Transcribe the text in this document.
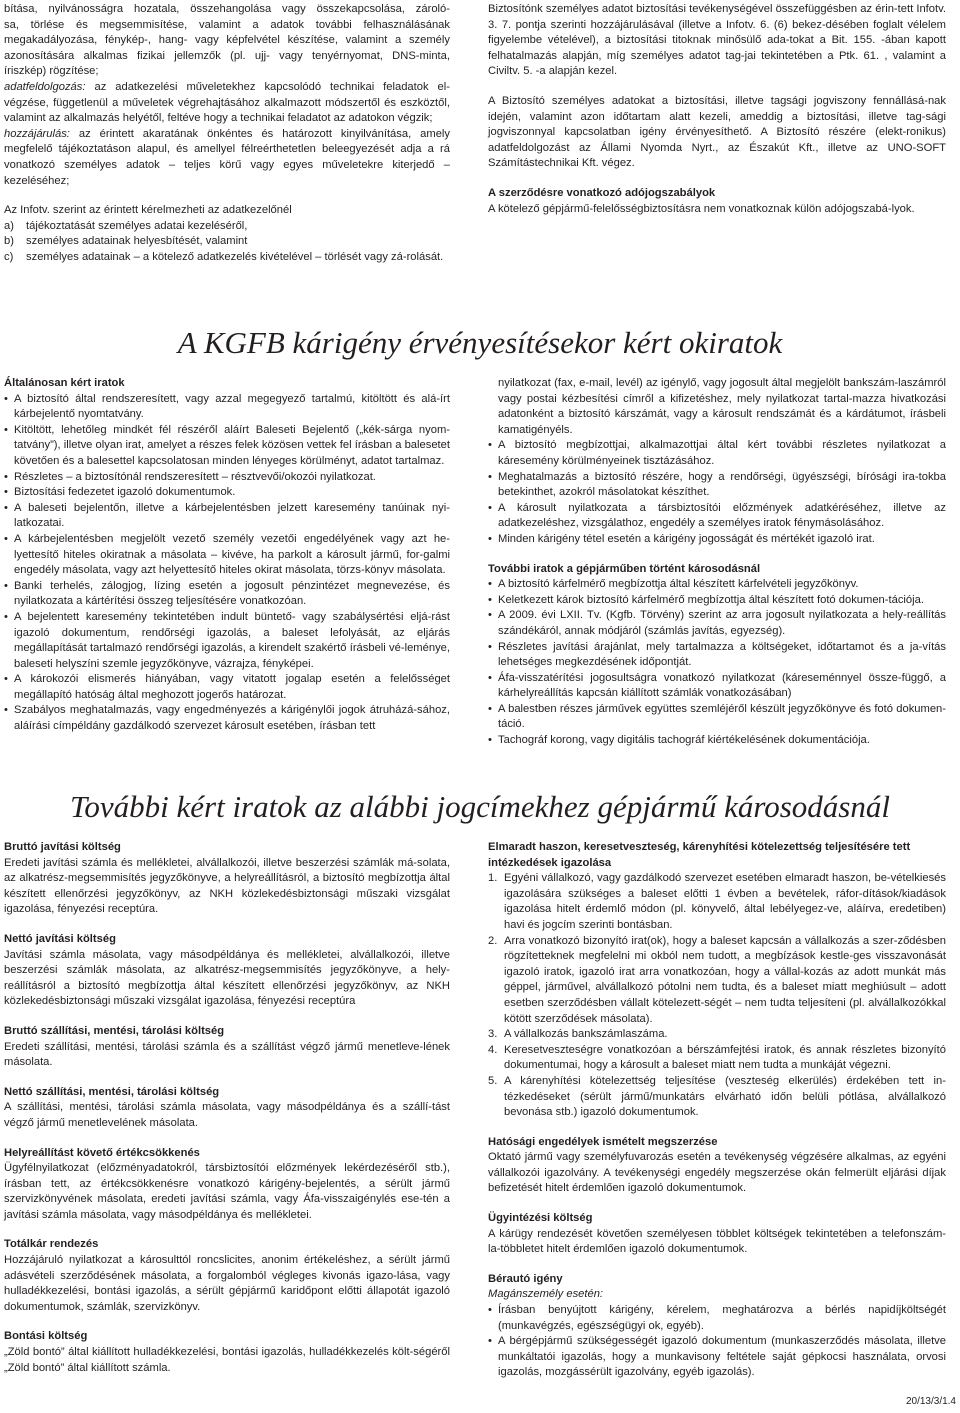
bítása, nyilvánosságra hozatala, összehangolása vagy összekapcsolása, zároló-
sa, törlése és megsemmisítése, valamint a adatok további felhasználásának
megakadályozása, fénykép-, hang- vagy képfelvétel készítése, valamint a személy
azonosítására alkalmas fizikai jellemzők (pl. ujj- vagy tenyérnyomat, DNS-minta,

íriszkép) rögzítése;

adatfeldolgozás: az adatkezelési műveletekhez kapcsolódó technikai feladatok el-végzése, függetlenül a műveletek végrehajtásához alkalmazott módszertől és eszköztől, valamint az alkalmazás helyétől, feltéve hogy a technikai feladatot az adatokon végzik;

hozzájárulás: az érintett akaratának önkéntes és határozott kinyilvánítása, amely megfelelő tájékoztatáson alapul, és amellyel félreérthetetlen beleegyezését adja a rá vonatkozó személyes adatok – teljes körű vagy egyes műveletekre kiterjedő – kezeléséhez;

Az Infotv. szerint az érintett kérelmezheti az adatkezelőnél

a)	tájékoztatását személyes adatai kezeléséről,
b)	személyes adatainak helyesbítését, valamint
c)	személyes adatainak – a kötelező adatkezelés kivételével – törlését vagy zá-rolását.

Biztosítónk személyes adatot biztosítási tevékenységével összefüggésben az érin-tett Infotv. 3. 7. pontja szerinti hozzájárulásával (illetve a Infotv. 6. (6) bekez-désében foglalt vélelem figyelembe vételével), a biztosítási titoknak minősülő ada-tokat a Bit. 155. -ában kapott felhatalmazás alapján, míg személyes adatot tag-jai tekintetében a Ptk. 61. , valamint a Civiltv. 5. -a alapján kezel.

A Biztosító személyes adatokat a biztosítási, illetve tagsági jogviszony fennállásá-nak idején, valamint azon időtartam alatt kezeli, ameddig a biztosítási, illetve tag-sági jogviszonnyal kapcsolatban igény érvényesíthető. A Biztosító részére (elekt-ronikus) adatfeldolgozást az Állami Nyomda Nyrt., az Északút Kft., illetve az UNO-SOFT Számítástechnikai Kft. végez.

A szerződésre vonatkozó adójogszabályok

A kötelező gépjármű-felelősségbiztosításra nem vonatkoznak külön adójogszabá-lyok.

A KGFB kárigény érvényesítésekor kért okiratok

Általánosan kért iratok

• A biztosító által rendszeresített, vagy azzal megegyező tartalmú, kitöltött és alá-írt kárbejelentő nyomtatvány.
• Kitöltött, lehetőleg mindkét fél részéről aláírt Baleseti Bejelentő („kék-sárga nyom-tatvány”), illetve olyan irat, amelyet a részes felek közösen vettek fel írásban a balesetet követően és a balesettel kapcsolatosan minden lényeges körülményt, adatot tartalmaz.
• Részletes – a biztosítónál rendszeresített – résztvevői/okozói nyilatkozat.
• Biztosítási fedezetet igazoló dokumentumok.
• A baleseti bejelentőn, illetve a kárbejelentésben jelzett karesemény tanúinak nyi-latkozatai.
• A kárbejelentésben megjelölt vezető személy vezetői engedélyének vagy azt he-lyettesítő hiteles okiratnak a másolata – kivéve, ha parkolt a károsult jármű, for-galmi engedély másolata, vagy azt helyettesítő hiteles okirat másolata, törzs-könyv másolata.
• Banki terhelés, zálogjog, lízing esetén a jogosult pénzintézet megnevezése, és nyilatkozata a kártérítési összeg teljesítésére vonatkozóan.
• A bejelentett karesemény tekintetében indult büntető- vagy szabálysértési eljá-rást igazoló dokumentum, rendőrségi igazolás, a baleset lefolyását, az eljárás megállapítását tartalmazó rendőrségi igazolás, a kirendelt szakértő írásbeli vé-leménye, baleseti helyszíni szemle jegyzőkönyve, vázrajza, fényképei.
• A károkozói elismerés hiányában, vagy vitatott jogalap esetén a felelősséget megállapító hatóság által meghozott jogerős határozat.
• Szabályos meghatalmazás, vagy engedményezés a kárigénylői jogok átruházá-sához, aláírási címpéldány gazdálkodó szervezet károsult esetében, írásban tett

nyilatkozat (fax, e-mail, levél) az igénylő, vagy jogosult által megjelölt bankszám-laszámról vagy postai kézbesítési címről a kifizetéshez, mely nyilatkozat tartal-mazza hivatkozási adatonként a biztosító kárszámát, vagy a károsult rendszámát és a kárdátumot, írásbeli kamatigényéls.

• A biztosító megbízottjai, alkalmazottjai által kért további részletes nyilatkozat a káresemény körülményeinek tisztázásához.
• Meghatalmazás a biztosító részére, hogy a rendőrségi, ügyészségi, bírósági ira-tokba betekinthet, azokról másolatokat készíthet.
• A károsult nyilatkozata a társbiztosítói előzmények adatkéréséhez, illetve az adatkezeléshez, vizsgálathoz, engedély a személyes iratok fénymásolásához.
• Minden kárigény tétel esetén a kárigény jogosságát és mértékét igazoló irat.

További iratok a gépjárműben történt károsodásnál

• A biztosító kárfelmérő megbízottja által készített kárfelvételi jegyzőkönyv.
• Keletkezett károk biztosító kárfelmérő megbízottja által készített fotó dokumen-tációja.
• A 2009. évi LXII. Tv. (Kgfb. Törvény) szerint az arra jogosult nyilatkozata a hely-reállítás szándékáról, annak módjáról (számlás javítás, egyezség).
• Részletes javítási árajánlat, mely tartalmazza a költségeket, időtartamot és a ja-vítás lehetséges megkezdésének időpontját.
• Áfa-visszatérítési jogosultságra vonatkozó nyilatkozat (káreseménnyel össze-függő, a kárhelyreállítás kapcsán kiállított számlák vonatkozásában)
• A balestben részes járművek együttes szemléjéről készült jegyzőkönyve és fotó dokumen-táció.
• Tachográf korong, vagy digitális tachográf kiértékelésének dokumentációja.
További kért iratok az alábbi jogcímekhez gépjármű károsodásnál

Bruttó javítási költség

Eredeti javítási számla és mellékletei, alvállalkozói, illetve beszerzési számlák má-solata, az alkatrész-megsemmisítés jegyzőkönyve, a helyreállításról, a biztosító megbízottja által készített ellenőrzési jegyzőkönyv, az NKH közlekedésbiztonsági műszaki vizsgálat igazolása, fényezési receptúra.

Nettó javítási költség

Javítási számla másolata, vagy másodpéldánya és mellékletei, alvállalkozói, illetve beszerzési számlák másolata, az alkatrész-megsemmisítés jegyzőkönyve, a hely-reállításról a biztosító megbízottja által készített ellenőrzési jegyzőkönyv, az NKH közlekedésbiztonsági műszaki vizsgálat igazolása, fényezési receptúra

Bruttó szállítási, mentési, tárolási költség

Eredeti szállítási, mentési, tárolási számla és a szállítást végző jármű menetleve-lének másolata.

Nettó szállítási, mentési, tárolási költség

A szállítási, mentési, tárolási számla másolata, vagy másodpéldánya és a szállí-tást végző jármű menetlevelének másolata.

Helyreállítást követő értékcsökkenés

Ügyfélnyilatkozat (előzményadatokról, társbiztosítói előzmények lekérdezéséről stb.), írásban tett, az értékcsökkenésre vonatkozó kárigény-bejelentés, a sérült jármű szervizkönyvének másolata, eredeti javítási számla, vagy Áfa-visszaigénylés ese-tén a javítási számla másolata, vagy másodpéldánya és mellékletei.

Totálkár rendezés

Hozzájáruló nyilatkozat a károsulttól roncslicites, anonim értékeléshez, a sérült jármű adásvételi szerződésének másolata, a forgalomból végleges kivonás igazo-lása, vagy hulladékkezelési, bontási igazolás, a sérült gépjármű karidőpont előtti állapotát igazoló dokumentumok, számlák, szervizkönyv.

Bontási költség

„Zöld bontó” által kiállított hulladékkezelési, bontási igazolás, hulladékkezelés költ-ségéről „Zöld bontó” által kiállított számla.

Elmaradt haszon, keresetveszteség, kárenyhítési kötelezettség teljesítésére tett intézkedések igazolása

1. Egyéni vállalkozó, vagy gazdálkodó szervezet esetében elmaradt haszon, be-vételkiesés igazolására szükséges a baleset előtti 1 évben a bevételek, ráfor-dítások/kiadások igazolása hitelt érdemlő módon (pl. könyvelő, által lebélyegez-ve, aláírva, eredetiben) havi és jogcím szerinti bontásban.
2. Arra vonatkozó bizonyító irat(ok), hogy a baleset kapcsán a vállalkozás a szer-ződésben rögzítetteknek megfelelni mi okból nem tudott, a megbízások kestle-ges visszavonását igazoló iratok, igazoló irat arra vonatkozóan, hogy a vállal-kozás az adott munkát más géppel, járművel, alvállalkozó pótolni nem tudta, és a baleset miatt meghiúsult – adott esetben szerződésben vállalt kötelezett-ségét – nem tudta teljesíteni (pl. alvállalkozókkal kötött szerződések másolata).
3. A vállalkozás bankszámlaszáma.
4. Keresetveszteségre vonatkozóan a bérszámfejtési iratok, és annak részletes bizonyító dokumentumai, hogy a károsult a baleset miatt nem tudta a munkáját végezni.
5. A kárenyhítési kötelezettség teljesítése (veszteség elkerülés) érdekében tett in-tézkedéseket (sérült jármű/munkatárs elvárható időn belüli pótlása, alvállalkozó bevonása stb.) igazoló dokumentumok.

Hatósági engedélyek ismételt megszerzése

Oktató jármű vagy személyfuvarozás esetén a tevékenység végzésére alkalmas, az egyéni vállalkozói igazolvány. A tevékenységi engedély megszerzése okán felmerült eljárási díjak befizetését hitelt érdemlően igazoló dokumentumok.

Ügyintézési költség

A kárügy rendezését követően személyesen többlet költségek tekintetében a telefonszám-la-többletet hitelt érdemlően igazoló dokumentumok.

Bérautó igény

Magánszemély esetén:

• Írásban benyújtott kárigény, kérelem, meghatározva a bérlés napidíjköltségét (munkavégzés, egészségügyi ok, egyéb).
• A bérgépjármű szükségességét igazoló dokumentum (munkaszerződés másolata, illetve munkáltatói igazolás, hogy a munkavisony feltétele saját gépkocsi használata, orvosi igazolás, mozgássérült igazolvány, egyéb igazolás).
20/13/3/1.4
